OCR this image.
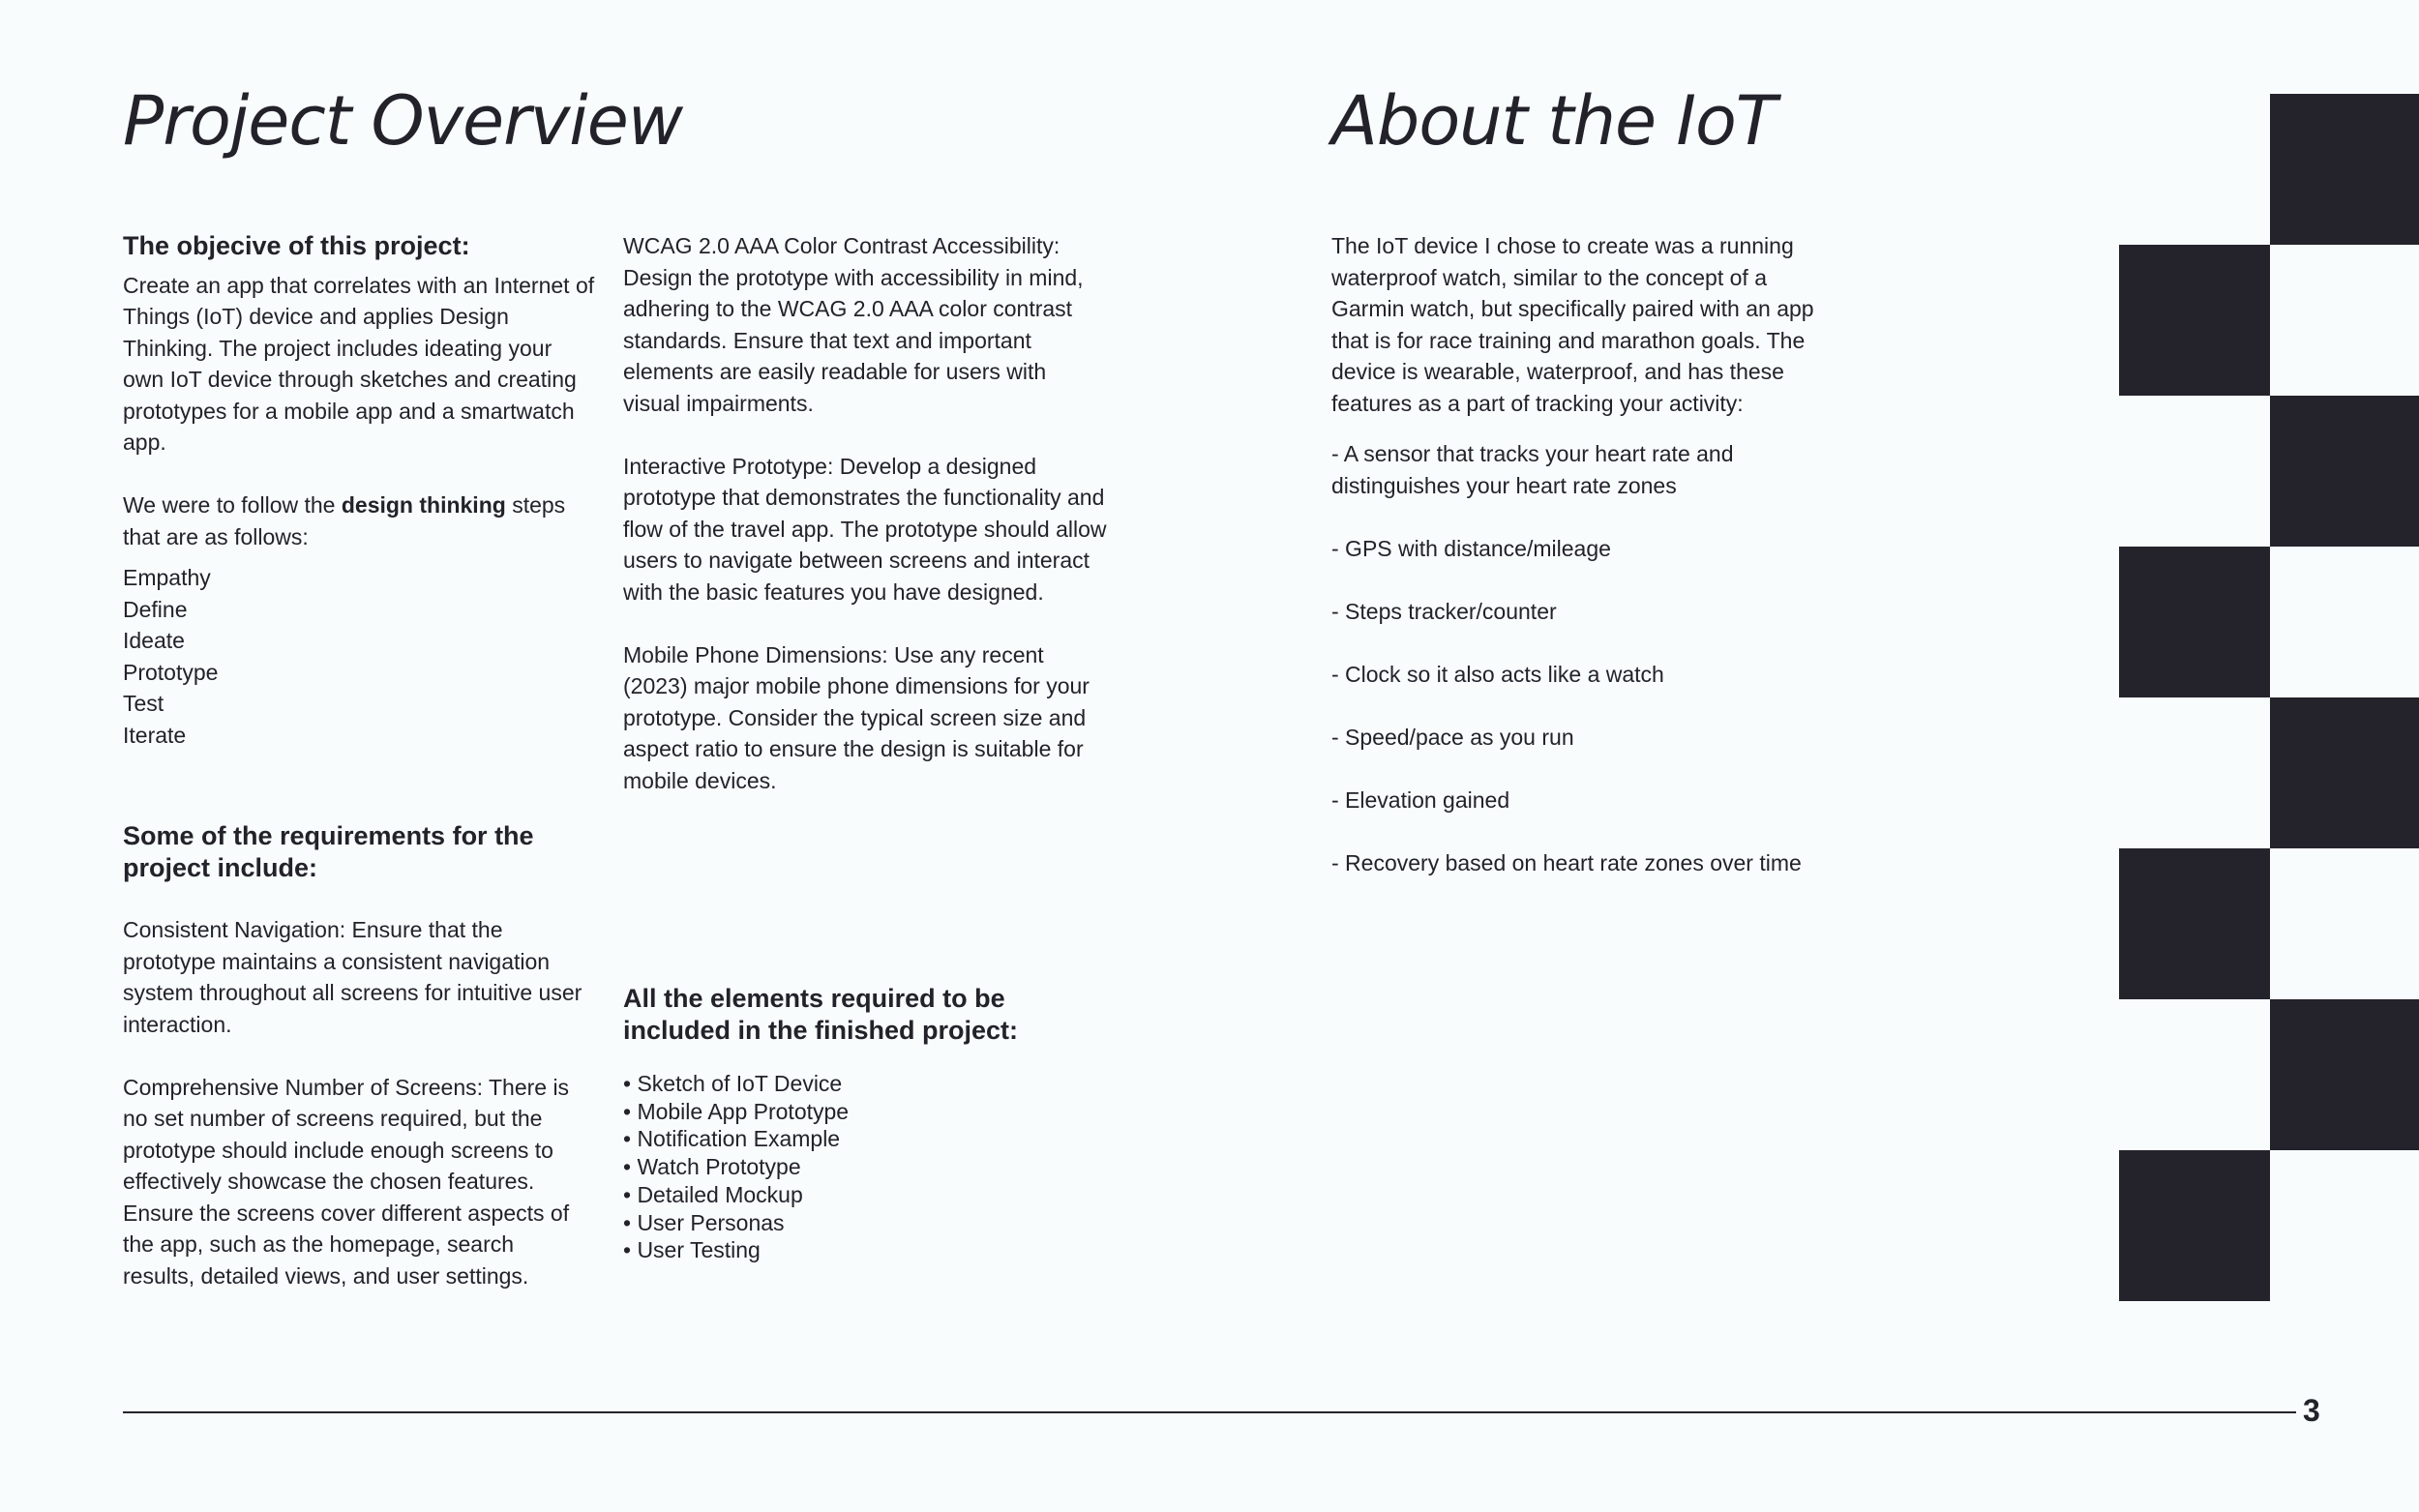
Project Overview

The objecive of this project:

Create an app that correlates with an Internet of Things (IoT) device and applies Design Thinking. The project includes ideating your own IoT device through sketches and creating prototypes for a mobile app and a smartwatch app.

We were to follow the design thinking steps that are as follows:

Empathy
Define
Ideate
Prototype
Test
Iterate

Some of the requirements for the project include:

Consistent Navigation: Ensure that the prototype maintains a consistent navigation system throughout all screens for intuitive user interaction.

Comprehensive Number of Screens: There is no set number of screens required, but the prototype should include enough screens to effectively showcase the chosen features. Ensure the screens cover different aspects of the app, such as the homepage, search results, detailed views, and user settings.

WCAG 2.0 AAA Color Contrast Accessibility: Design the prototype with accessibility in mind, adhering to the WCAG 2.0 AAA color contrast standards. Ensure that text and important elements are easily readable for users with visual impairments.

Interactive Prototype: Develop a designed prototype that demonstrates the functionality and flow of the travel app. The prototype should allow users to navigate between screens and interact with the basic features you have designed.

Mobile Phone Dimensions: Use any recent (2023) major mobile phone dimensions for your prototype. Consider the typical screen size and aspect ratio to ensure the design is suitable for mobile devices.

All the elements required to be included in the finished project:

• Sketch of IoT Device
• Mobile App Prototype
• Notification Example
• Watch Prototype
• Detailed Mockup
• User Personas
• User Testing
About the IoT

The IoT device I chose to create was a running waterproof watch, similar to the concept of a Garmin watch, but specifically paired with an app that is for race training and marathon goals. The device is wearable, waterproof, and has these features as a part of tracking your activity:

- A sensor that tracks your heart rate and distinguishes your heart rate zones
- GPS with distance/mileage
- Steps tracker/counter
- Clock so it also acts like a watch
- Speed/pace as you run
- Elevation gained
- Recovery based on heart rate zones over time
3
